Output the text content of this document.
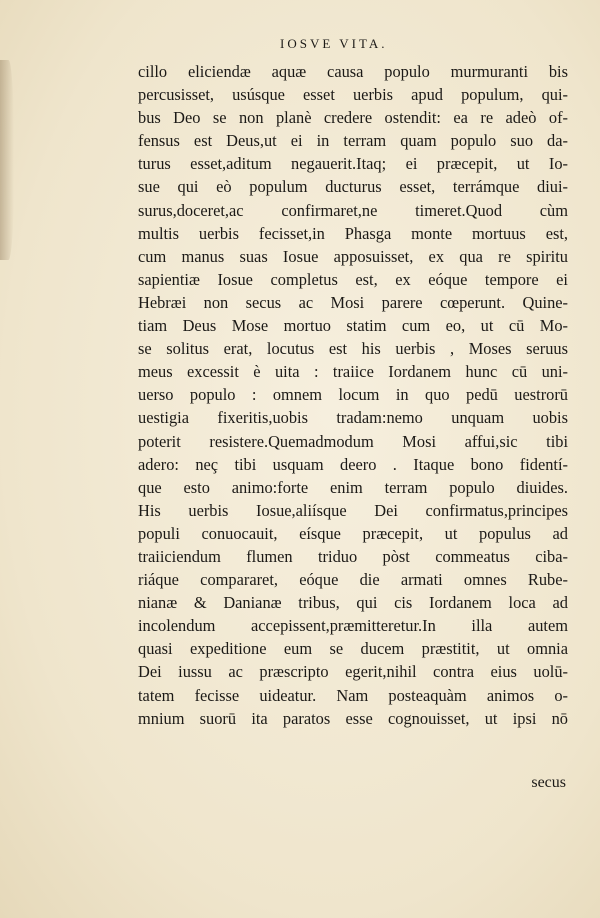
IOSVE VITA.
cillo eliciendæ aquæ causa populo murmuranti bis
percusisset, usúsque esset uerbis apud populum, qui-
bus Deo se non planè credere ostendit: ea re adeò of-
fensus est Deus,ut ei in terram quam populo suo da-
turus esset,aditum negauerit.Itaq; ei præcepit, ut Io-
sue qui eò populum ducturus esset, terrámque diui-
surus,doceret,ac confirmaret,ne timeret.Quod cùm
multis uerbis fecisset,in Phasga monte mortuus est,
cum manus suas Iosue apposuisset, ex qua re spiritu
sapientiæ Iosue completus est, ex eóque tempore ei
Hebræi non secus ac Mosi parere cœperunt. Quine-
tiam Deus Mose mortuo statim cum eo, ut cū Mo-
se solitus erat, locutus est his uerbis , Moses seruus
meus excessit è uita : traiice Iordanem hunc cū uni-
uerso populo : omnem locum in quo pedū uestrorū
uestigia fixeritis,uobis tradam:nemo unquam uobis
poterit resistere.Quemadmodum Mosi affui,sic tibi
adero: neç tibi usquam deero . Itaque bono fidentí-
que esto animo:forte enim terram populo diuides.
His uerbis Iosue,aliísque Dei confirmatus,principes
populi conuocauit, eísque præcepit, ut populus ad
traiiciendum flumen triduo pòst commeatus ciba-
riáque compararet, eóque die armati omnes Rube-
nianæ & Danianæ tribus, qui cis Iordanem loca ad
incolendum accepissent,præmitteretur.In illa autem
quasi expeditione eum se ducem præstitit, ut omnia
Dei iussu ac præscripto egerit,nihil contra eius uolū-
tatem fecisse uideatur. Nam posteaquàm animos o-
mnium suorū ita paratos esse cognouisset, ut ipsi nō
secus
